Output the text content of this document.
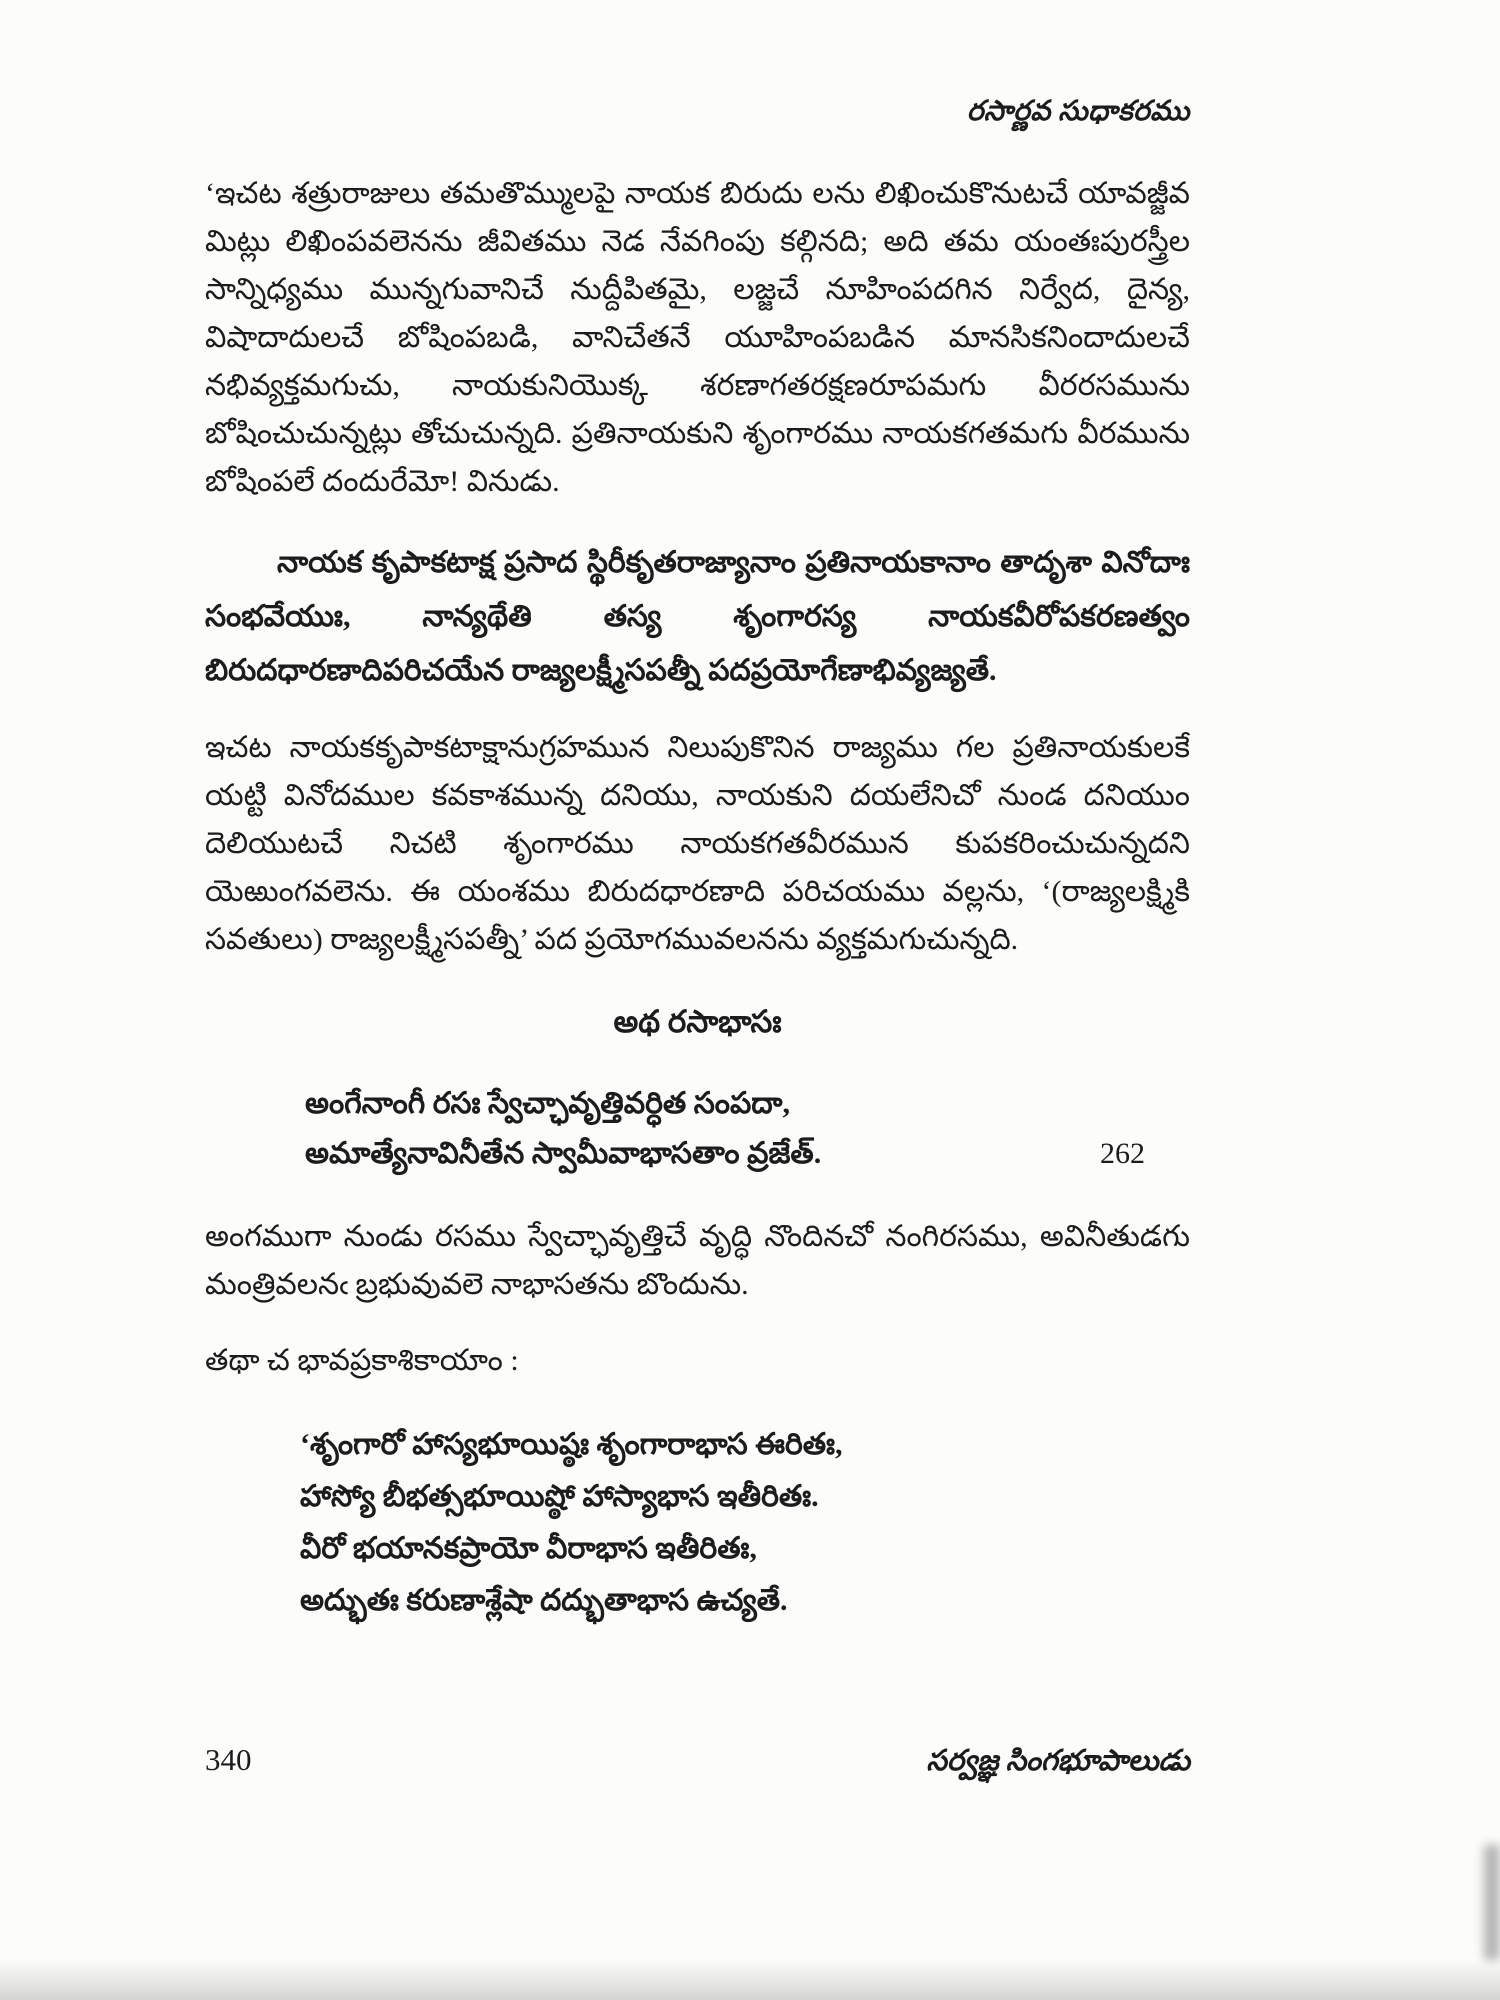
రసార్ణవ సుధాకరము

‘ఇచట శత్రురాజులు తమతొమ్ములపై నాయక బిరుదు లను లిఖించుకొనుటచే యావజ్జీవ మిట్లు లిఖింపవలెనను జీవితము నెడ నేవగింపు కల్గినది; అది తమ యంతఃపురస్త్రీల సాన్నిధ్యము మున్నగువానిచే నుద్దీపితమై, లజ్జచే నూహింపదగిన నిర్వేద, దైన్య, విషాదాదులచే బోషింపబడి, వానిచేతనే యూహింపబడిన మానసికనిందాదులచే నభివ్యక్తమగుచు, నాయకునియొక్క శరణాగతరక్షణరూపమగు వీరరసమును బోషించుచున్నట్లు తోచుచున్నది. ప్రతినాయకుని శృంగారము నాయకగతమగు వీరమును బోషింపలే దందురేమో! వినుడు.

నాయక కృపాకటాక్ష ప్రసాద స్థిరీకృతరాజ్యానాం ప్రతినాయకానాం తాదృశా వినోదాః సంభవేయుః, నాన్యథేతి తస్య శృంగారస్య నాయకవీరోపకరణత్వం బిరుదధారణాదిపరిచయేన రాజ్యలక్ష్మీసపత్నీ పదప్రయోగేణాభివ్యజ్యతే.

ఇచట నాయకకృపాకటాక్షానుగ్రహమున నిలుపుకొనిన రాజ్యము గల ప్రతినాయకులకే యట్టి వినోదముల కవకాశమున్న దనియు, నాయకుని దయలేనిచో నుండ దనియుం దెలియుటచే నిచటి శృంగారము నాయకగతవీరమున కుపకరించుచున్నదని యెఱుంగవలెను. ఈ యంశము బిరుదధారణాది పరిచయము వల్లను, ‘(రాజ్యలక్ష్మికి సవతులు) రాజ్యలక్ష్మీసపత్నీ’ పద ప్రయోగమువలనను వ్యక్తమగుచున్నది.

అథ రసాభాసః
అంగేనాంగీ రసః స్వేచ్ఛావృత్తివర్ధిత సంపదా,
అమాత్యేనావినీతేన స్వామీవాభాసతాం వ్రజేత్.	262

అంగముగా నుండు రసము స్వేచ్ఛావృత్తిచే వృద్ధి నొందినచో నంగిరసము, అవినీతుడగు మంత్రివలనఁ బ్రభువువలె నాభాసతను బొందును.

తథా చ భావప్రకాశికాయాం :

‘శృంగారో హాస్యభూయిష్ఠః శృంగారాభాస ఈరితః,
హాస్యో బీభత్సభూయిష్ఠో హాస్యాభాస ఇతీరితః.
వీరో భయానకప్రాయో వీరాభాస ఇతీరితః,
అద్భుతః కరుణాశ్లేషా దద్భుతాభాస ఉచ్యతే.
340	సర్వజ్ఞ సింగభూపాలుడు
